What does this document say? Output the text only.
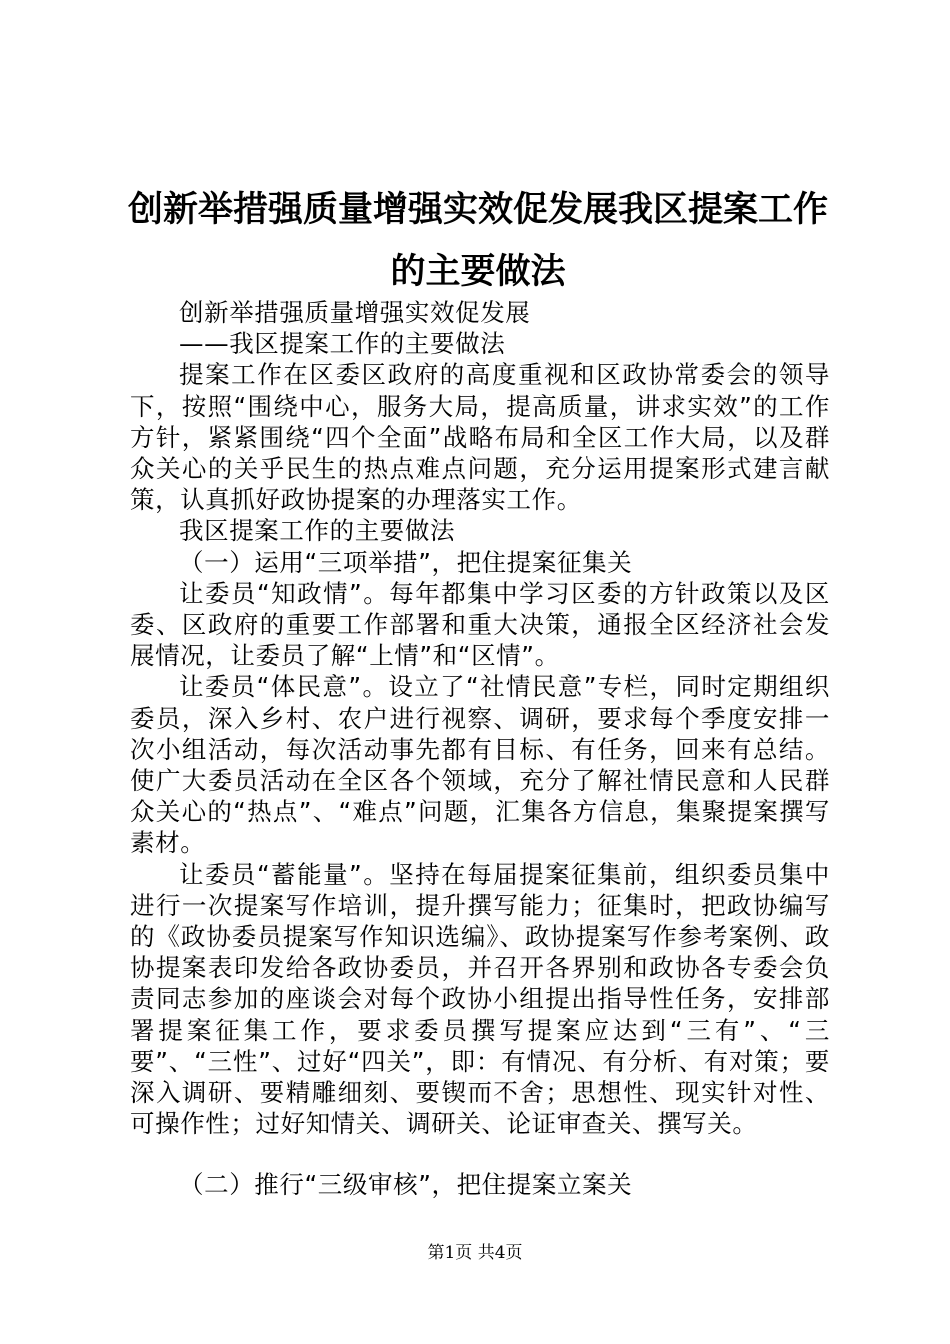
创新举措强质量增强实效促发展我区提案工作
的主要做法

创新举措强质量增强实效促发展

——我区提案工作的主要做法

提案工作在区委区政府的高度重视和区政协常委会的领导下，按照“围绕中心，服务大局，提高质量，讲求实效”的工作方针，紧紧围绕“四个全面”战略布局和全区工作大局，以及群众关心的关乎民生的热点难点问题，充分运用提案形式建言献策，认真抓好政协提案的办理落实工作。

我区提案工作的主要做法

（一）运用“三项举措”，把住提案征集关

让委员“知政情”。每年都集中学习区委的方针政策以及区委、区政府的重要工作部署和重大决策，通报全区经济社会发展情况，让委员了解“上情”和“区情”。

让委员“体民意”。设立了“社情民意”专栏，同时定期组织委员，深入乡村、农户进行视察、调研，要求每个季度安排一次小组活动，每次活动事先都有目标、有任务，回来有总结。使广大委员活动在全区各个领域，充分了解社情民意和人民群众关心的“热点”、“难点”问题，汇集各方信息，集聚提案撰写素材。

让委员“蓄能量”。坚持在每届提案征集前，组织委员集中进行一次提案写作培训，提升撰写能力；征集时，把政协编写的《政协委员提案写作知识选编》、政协提案写作参考案例、政协提案表印发给各政协委员，并召开各界别和政协各专委会负责同志参加的座谈会对每个政协小组提出指导性任务，安排部署提案征集工作，要求委员撰写提案应达到“三有”、“三要”、“三性”、过好“四关”，即：有情况、有分析、有对策；要深入调研、要精雕细刻、要锲而不舍；思想性、现实针对性、可操作性；过好知情关、调研关、论证审查关、撰写关。

（二）推行“三级审核”，把住提案立案关

第1页 共4页
